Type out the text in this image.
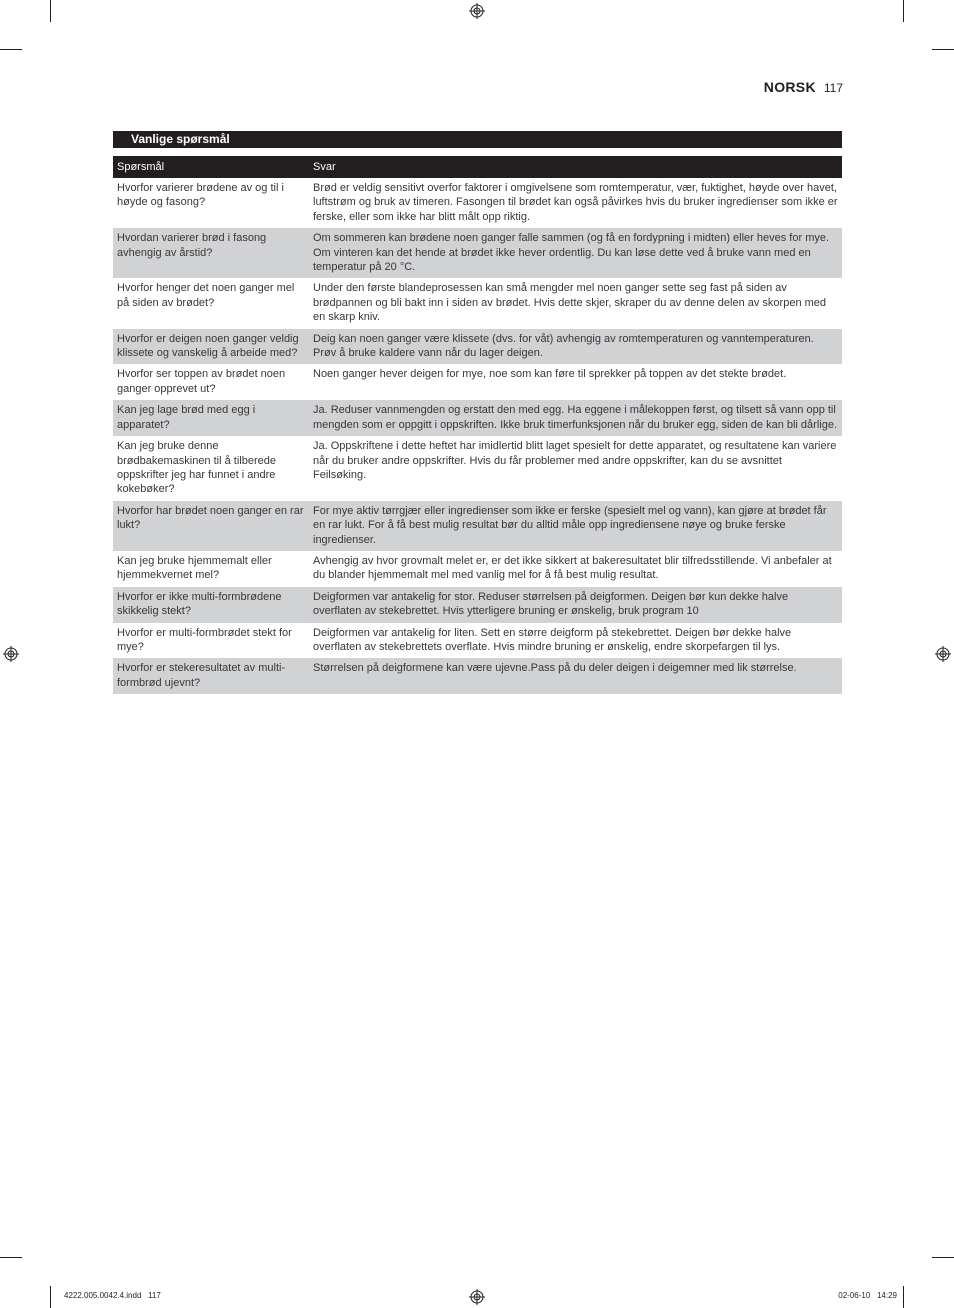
NORSK 117
Vanlige spørsmål
Spørsmål	Svar
Hvorfor varierer brødene av og til i høyde og fasong?	Brød er veldig sensitivt overfor faktorer i omgivelsene som romtemperatur, vær, fuktighet, høyde over havet, luftstrøm og bruk av timeren. Fasongen til brødet kan også påvirkes hvis du bruker ingredienser som ikke er ferske, eller som ikke har blitt målt opp riktig.
Hvordan varierer brød i fasong avhengig av årstid?	Om sommeren kan brødene noen ganger falle sammen (og få en fordypning i midten) eller heves for mye. Om vinteren kan det hende at brødet ikke hever ordentlig. Du kan løse dette ved å bruke vann med en temperatur på 20 °C.
Hvorfor henger det noen ganger mel på siden av brødet?	Under den første blandeprosessen kan små mengder mel noen ganger sette seg fast på siden av brødpannen og bli bakt inn i siden av brødet. Hvis dette skjer, skraper du av denne delen av skorpen med en skarp kniv.
Hvorfor er deigen noen ganger veldig klissete og vanskelig å arbeide med?	Deig kan noen ganger være klissete (dvs. for våt) avhengig av romtemperaturen og vanntemperaturen. Prøv å bruke kaldere vann når du lager deigen.
Hvorfor ser toppen av brødet noen ganger opprevet ut?	Noen ganger hever deigen for mye, noe som kan føre til sprekker på toppen av det stekte brødet.
Kan jeg lage brød med egg i apparatet?	Ja. Reduser vannmengden og erstatt den med egg. Ha eggene i målekoppen først, og tilsett så vann opp til mengden som er oppgitt i oppskriften. Ikke bruk timerfunksjonen når du bruker egg, siden de kan bli dårlige.
Kan jeg bruke denne brødbakemaskinen til å tilberede oppskrifter jeg har funnet i andre kokebøker?	Ja. Oppskriftene i dette heftet har imidlertid blitt laget spesielt for dette apparatet, og resultatene kan variere når du bruker andre oppskrifter. Hvis du får problemer med andre oppskrifter, kan du se avsnittet Feilsøking.
Hvorfor har brødet noen ganger en rar lukt?	For mye aktiv tørrgjær eller ingredienser som ikke er ferske (spesielt mel og vann), kan gjøre at brødet får en rar lukt. For å få best mulig resultat bør du alltid måle opp ingrediensene nøye og bruke ferske ingredienser.
Kan jeg bruke hjemmemalt eller hjemmekvernet mel?	Avhengig av hvor grovmalt melet er, er det ikke sikkert at bakeresultatet blir tilfredsstillende. Vi anbefaler at du blander hjemmemalt mel med vanlig mel for å få best mulig resultat.
Hvorfor er ikke multi-formbrødene skikkelig stekt?	Deigformen var antakelig for stor. Reduser størrelsen på deigformen. Deigen bør kun dekke halve overflaten av stekebrettet. Hvis ytterligere bruning er ønskelig, bruk program 10
Hvorfor er multi-formbrødet stekt for mye?	Deigformen var antakelig for liten. Sett en større deigform på stekebrettet. Deigen bør dekke halve overflaten av stekebrettets overflate. Hvis mindre bruning er ønskelig, endre skorpefargen til lys.
Hvorfor er stekeresultatet av multi-formbrød ujevnt?	Størrelsen på deigformene kan være ujevne.Pass på du deler deigen i deigemner med lik størrelse.
4222.005.0042.4.indd   117	02-06-10   14:29
